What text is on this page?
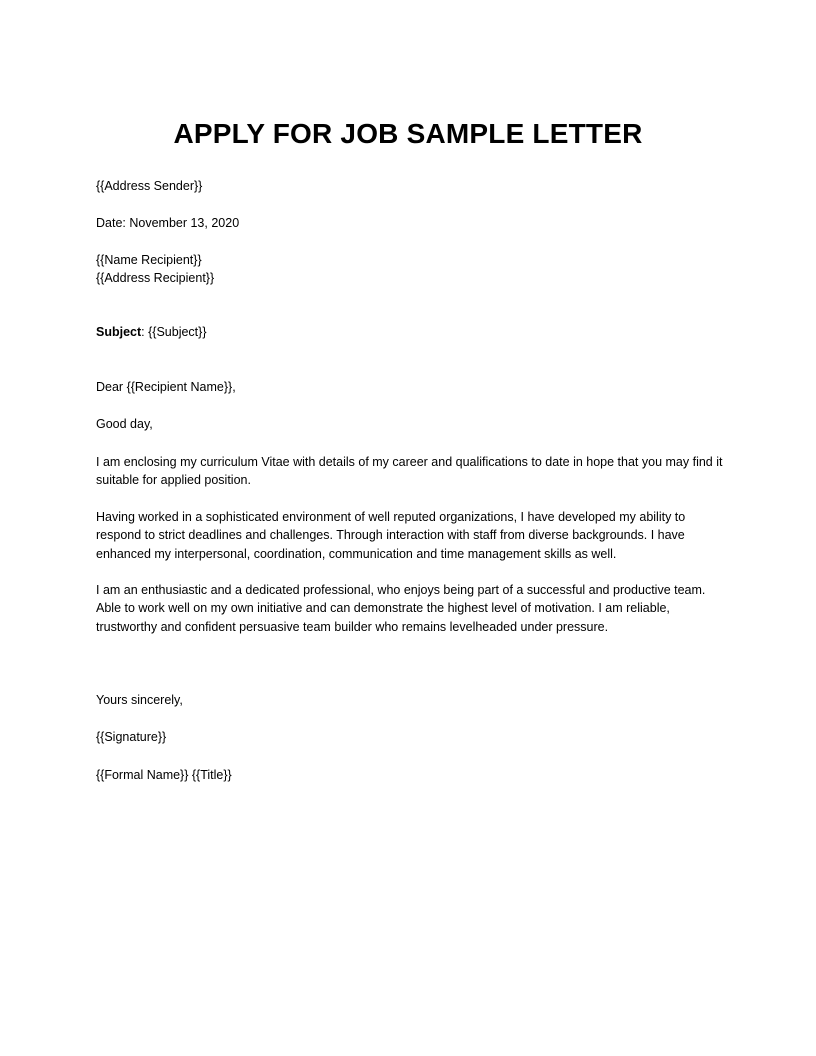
APPLY FOR JOB SAMPLE LETTER

{{Address Sender}}

Date: November 13, 2020

{{Name Recipient}}

{{Address Recipient}}

Subject: {{Subject}}

Dear {{Recipient Name}},

Good day,

I am enclosing my curriculum Vitae with details of my career and qualifications to date in hope that you may find it suitable for applied position.

Having worked in a sophisticated environment of well reputed organizations, I have developed my ability to respond to strict deadlines and challenges. Through interaction with staff from diverse backgrounds. I have enhanced my interpersonal, coordination, communication and time management skills as well.

I am an enthusiastic and a dedicated professional, who enjoys being part of a successful and productive team. Able to work well on my own initiative and can demonstrate the highest level of motivation. I am reliable, trustworthy and confident persuasive team builder who remains levelheaded under pressure.

Yours sincerely,

{{Signature}}

{{Formal Name}} {{Title}}
